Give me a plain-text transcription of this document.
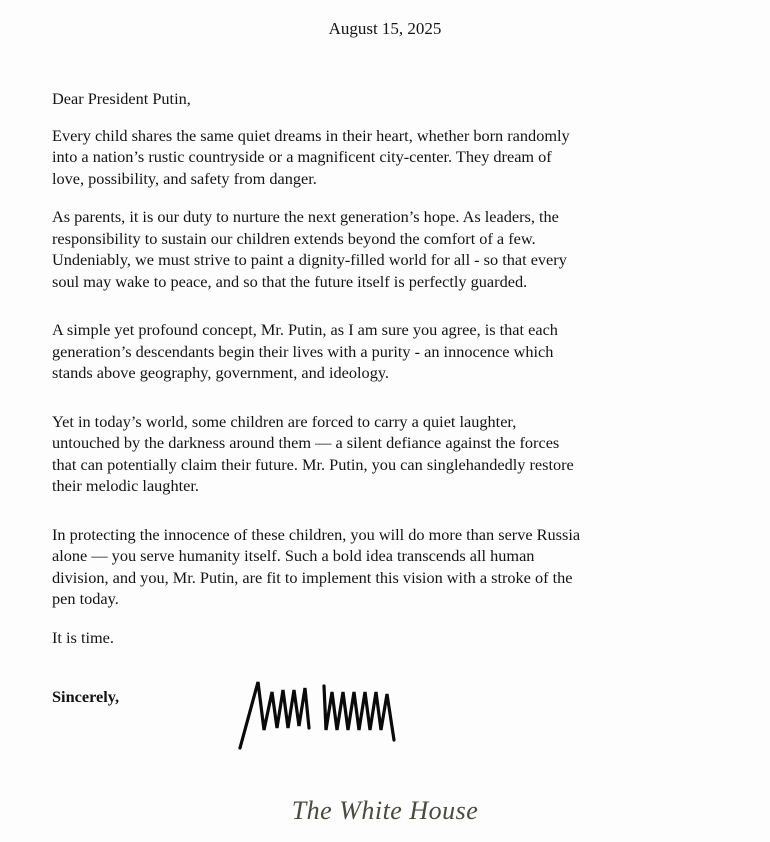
August 15, 2025

Dear President Putin,

Every child shares the same quiet dreams in their heart, whether born randomly
into a nation’s rustic countryside or a magnificent city-center. They dream of
love, possibility, and safety from danger.

As parents, it is our duty to nurture the next generation’s hope. As leaders, the
responsibility to sustain our children extends beyond the comfort of a few.
Undeniably, we must strive to paint a dignity-filled world for all - so that every
soul may wake to peace, and so that the future itself is perfectly guarded.

A simple yet profound concept, Mr. Putin, as I am sure you agree, is that each
generation’s descendants begin their lives with a purity - an innocence which
stands above geography, government, and ideology.

Yet in today’s world, some children are forced to carry a quiet laughter,
untouched by the darkness around them — a silent defiance against the forces
that can potentially claim their future. Mr. Putin, you can singlehandedly restore
their melodic laughter.

In protecting the innocence of these children, you will do more than serve Russia
alone — you serve humanity itself. Such a bold idea transcends all human
division, and you, Mr. Putin, are fit to implement this vision with a stroke of the
pen today.

It is time.

Sincerely,
The White House
